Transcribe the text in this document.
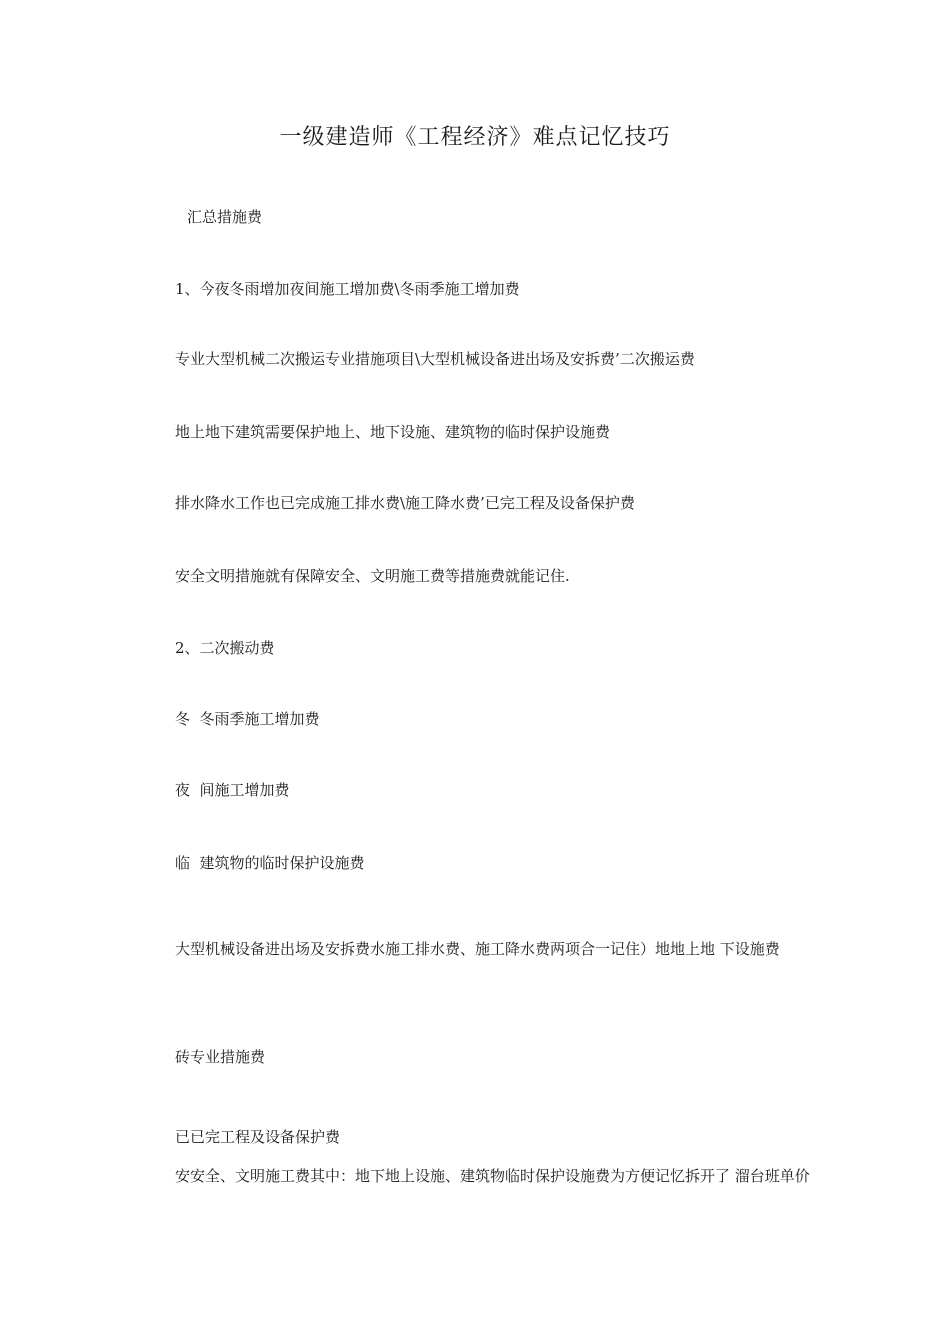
一级建造师《工程经济》难点记忆技巧
汇总措施费
1、今夜冬雨增加夜间施工增加费\冬雨季施工增加费
专业大型机械二次搬运专业措施项目\大型机械设备进出场及安拆费’二次搬运费
地上地下建筑需要保护地上、地下设施、建筑物的临时保护设施费
排水降水工作也已完成施工排水费\施工降水费’已完工程及设备保护费
安全文明措施就有保障安全、文明施工费等措施费就能记住.
2、二次搬动费
冬  冬雨季施工增加费
夜  间施工增加费
临  建筑物的临时保护设施费
大型机械设备进出场及安拆费水施工排水费、施工降水费两项合一记住）地地上地 下设施费
砖专业措施费
已已完工程及设备保护费
安安全、文明施工费其中：地下地上设施、建筑物临时保护设施费为方便记忆拆开了 溜台班单价
